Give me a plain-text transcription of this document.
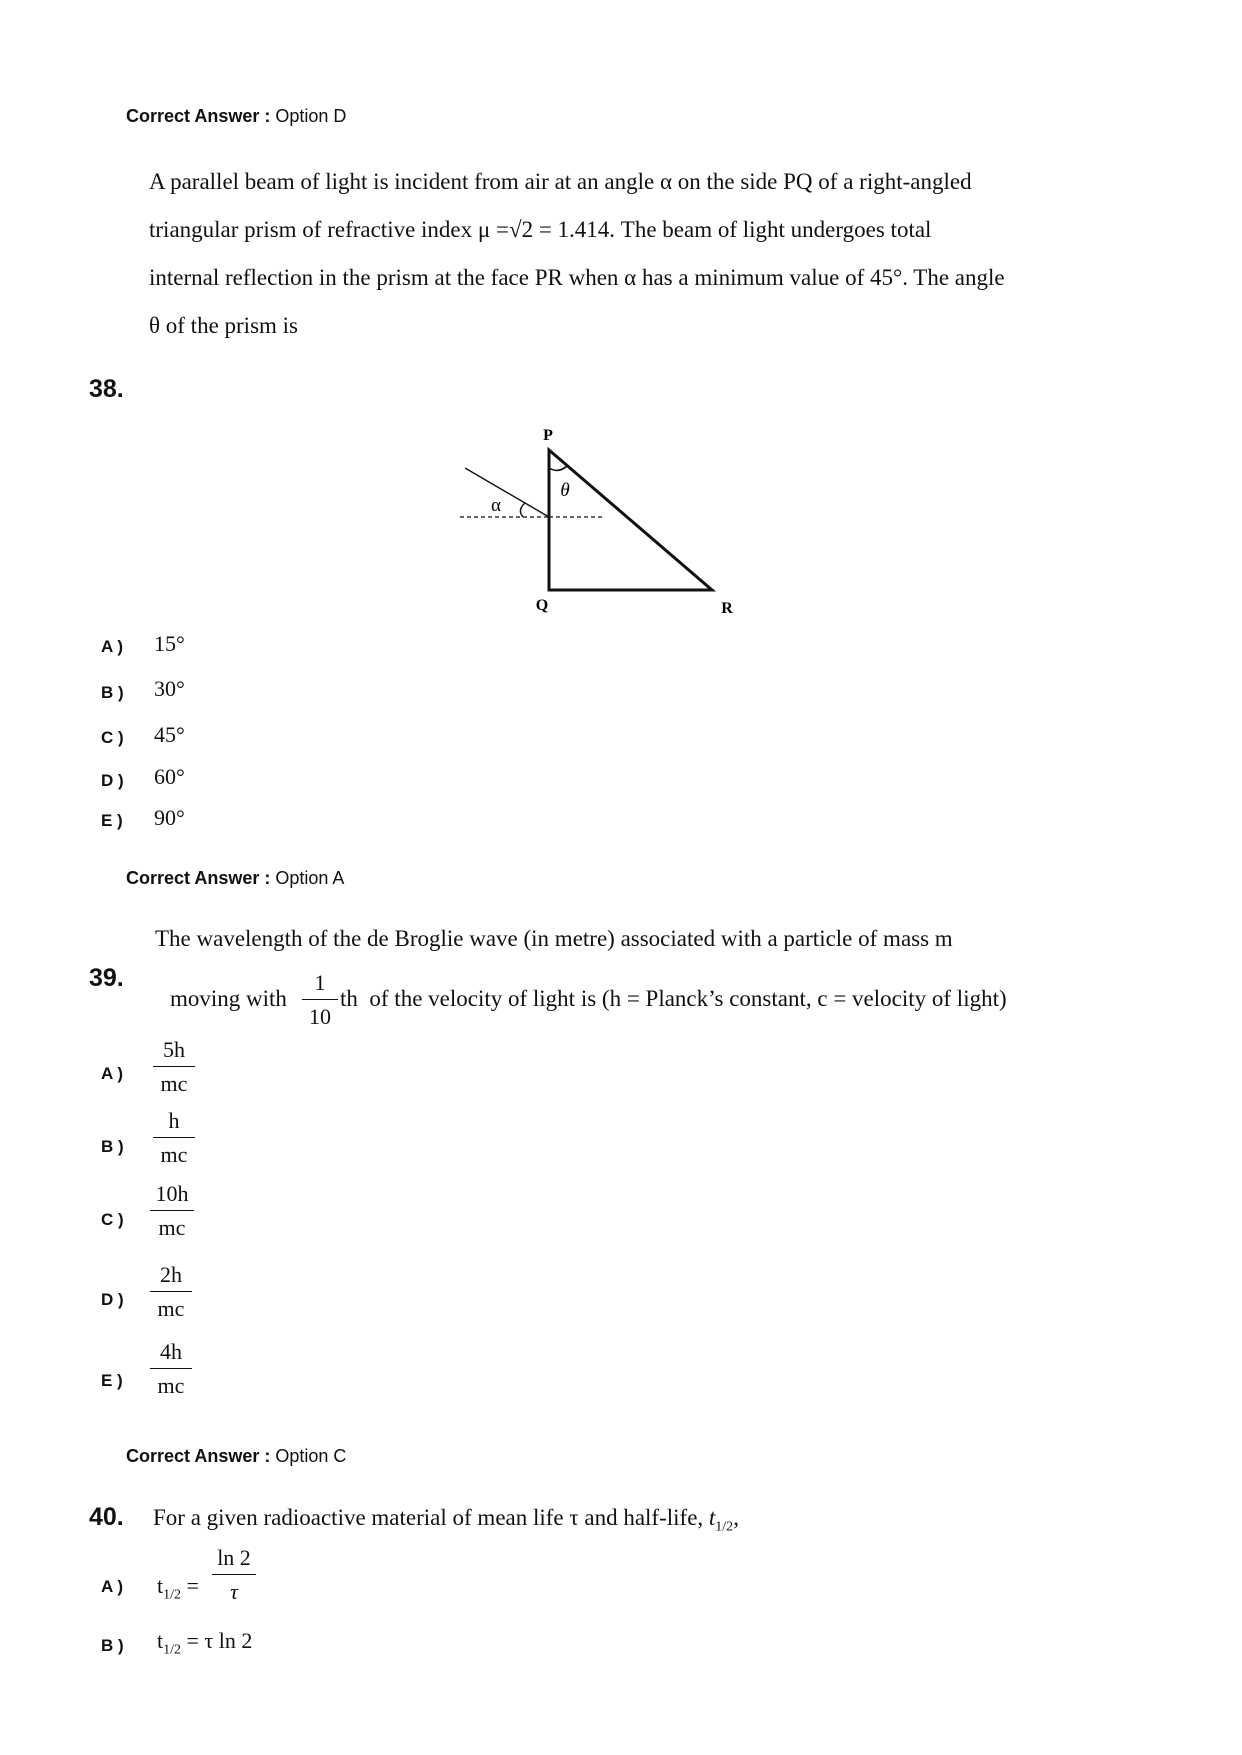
Correct Answer : Option D
A parallel beam of light is incident from air at an angle α on the side PQ of a right-angled
triangular prism of refractive index μ =√2 = 1.414. The beam of light undergoes total
internal reflection in the prism at the face PR when α has a minimum value of 45°. The angle
θ of the prism is
38.
P
Q	R
α
θ
A ) 15°
B ) 30°
C ) 45°
D ) 60°
E ) 90°
Correct Answer : Option A
The wavelength of the de Broglie wave (in metre) associated with a particle of mass m
39.
moving with
1
10
th  of the velocity of light is (h = Planck’s constant, c = velocity of light)
A )
5h
mc
B )
h
mc
C )
10h
mc
D )
2h
mc
E )
4h
mc
Correct Answer : Option C
40. For a given radioactive material of mean life τ and half-life, $t_{1/2}$,
A ) $t_{1/2}$ =
ln 2
τ
B ) $t_{1/2} = \tau$ ln 2
